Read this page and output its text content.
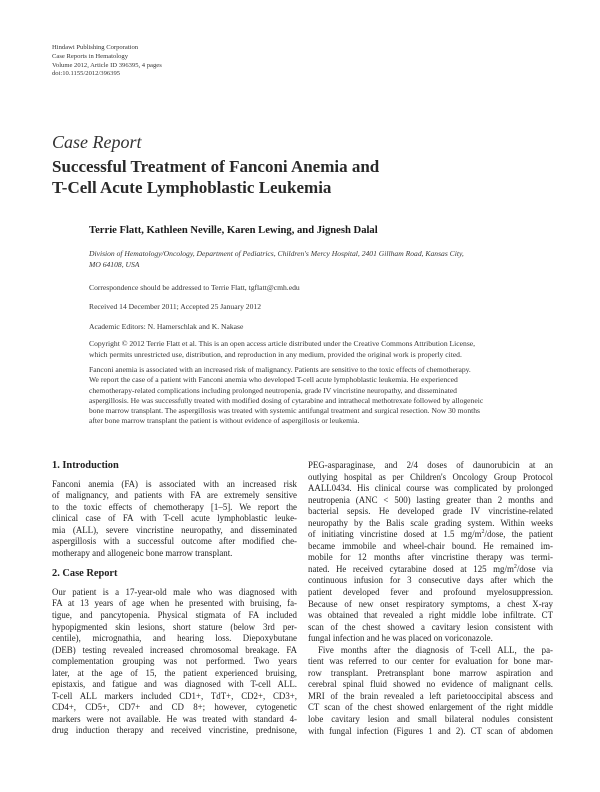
Hindawi Publishing Corporation
Case Reports in Hematology
Volume 2012, Article ID 396395, 4 pages
doi:10.1155/2012/396395
Case Report
Successful Treatment of Fanconi Anemia and
T-Cell Acute Lymphoblastic Leukemia
Terrie Flatt, Kathleen Neville, Karen Lewing, and Jignesh Dalal
Division of Hematology/Oncology, Department of Pediatrics, Children's Mercy Hospital, 2401 Gillham Road, Kansas City,
MO 64108, USA
Correspondence should be addressed to Terrie Flatt, tgflatt@cmh.edu
Received 14 December 2011; Accepted 25 January 2012
Academic Editors: N. Hamerschlak and K. Nakase
Copyright © 2012 Terrie Flatt et al. This is an open access article distributed under the Creative Commons Attribution License,
which permits unrestricted use, distribution, and reproduction in any medium, provided the original work is properly cited.
Fanconi anemia is associated with an increased risk of malignancy. Patients are sensitive to the toxic effects of chemotherapy.
We report the case of a patient with Fanconi anemia who developed T-cell acute lymphoblastic leukemia. He experienced
chemotherapy-related complications including prolonged neutropenia, grade IV vincristine neuropathy, and disseminated
aspergillosis. He was successfully treated with modified dosing of cytarabine and intrathecal methotrexate followed by allogeneic
bone marrow transplant. The aspergillosis was treated with systemic antifungal treatment and surgical resection. Now 30 months
after bone marrow transplant the patient is without evidence of aspergillosis or leukemia.
1. Introduction
Fanconi anemia (FA) is associated with an increased risk
of malignancy, and patients with FA are extremely sensitive
to the toxic effects of chemotherapy [1–5]. We report the
clinical case of FA with T-cell acute lymphoblastic leuke-
mia (ALL), severe vincristine neuropathy, and disseminated
aspergillosis with a successful outcome after modified che-
motherapy and allogeneic bone marrow transplant.
2. Case Report
Our patient is a 17-year-old male who was diagnosed with
FA at 13 years of age when he presented with bruising, fa-
tigue, and pancytopenia. Physical stigmata of FA included
hypopigmented skin lesions, short stature (below 3rd per-
centile), micrognathia, and hearing loss. Diepoxybutane
(DEB) testing revealed increased chromosomal breakage. FA
complementation grouping was not performed. Two years
later, at the age of 15, the patient experienced bruising,
epistaxis, and fatigue and was diagnosed with T-cell ALL.
T-cell ALL markers included CD1+, TdT+, CD2+, CD3+,
CD4+, CD5+, CD7+ and CD 8+; however, cytogenetic
markers were not available. He was treated with standard 4-
drug induction therapy and received vincristine, prednisone,
PEG-asparaginase, and 2/4 doses of daunorubicin at an
outlying hospital as per Children's Oncology Group Protocol
AALL0434. His clinical course was complicated by prolonged
neutropenia (ANC < 500) lasting greater than 2 months and
bacterial sepsis. He developed grade IV vincristine-related
neuropathy by the Balis scale grading system. Within weeks
of initiating vincristine dosed at 1.5 $mg/m^2$/dose, the patient
became immobile and wheel-chair bound. He remained im-
mobile for 12 months after vincristine therapy was termi-
nated. He received cytarabine dosed at 125 $mg/m^2$/dose via
continuous infusion for 3 consecutive days after which the
patient developed fever and profound myelosuppression.
Because of new onset respiratory symptoms, a chest X-ray
was obtained that revealed a right middle lobe infiltrate. CT
scan of the chest showed a cavitary lesion consistent with
fungal infection and he was placed on voriconazole.
Five months after the diagnosis of T-cell ALL, the pa-
tient was referred to our center for evaluation for bone mar-
row transplant. Pretransplant bone marrow aspiration and
cerebral spinal fluid showed no evidence of malignant cells.
MRI of the brain revealed a left parietooccipital abscess and
CT scan of the chest showed enlargement of the right middle
lobe cavitary lesion and small bilateral nodules consistent
with fungal infection (Figures 1 and 2). CT scan of abdomen
